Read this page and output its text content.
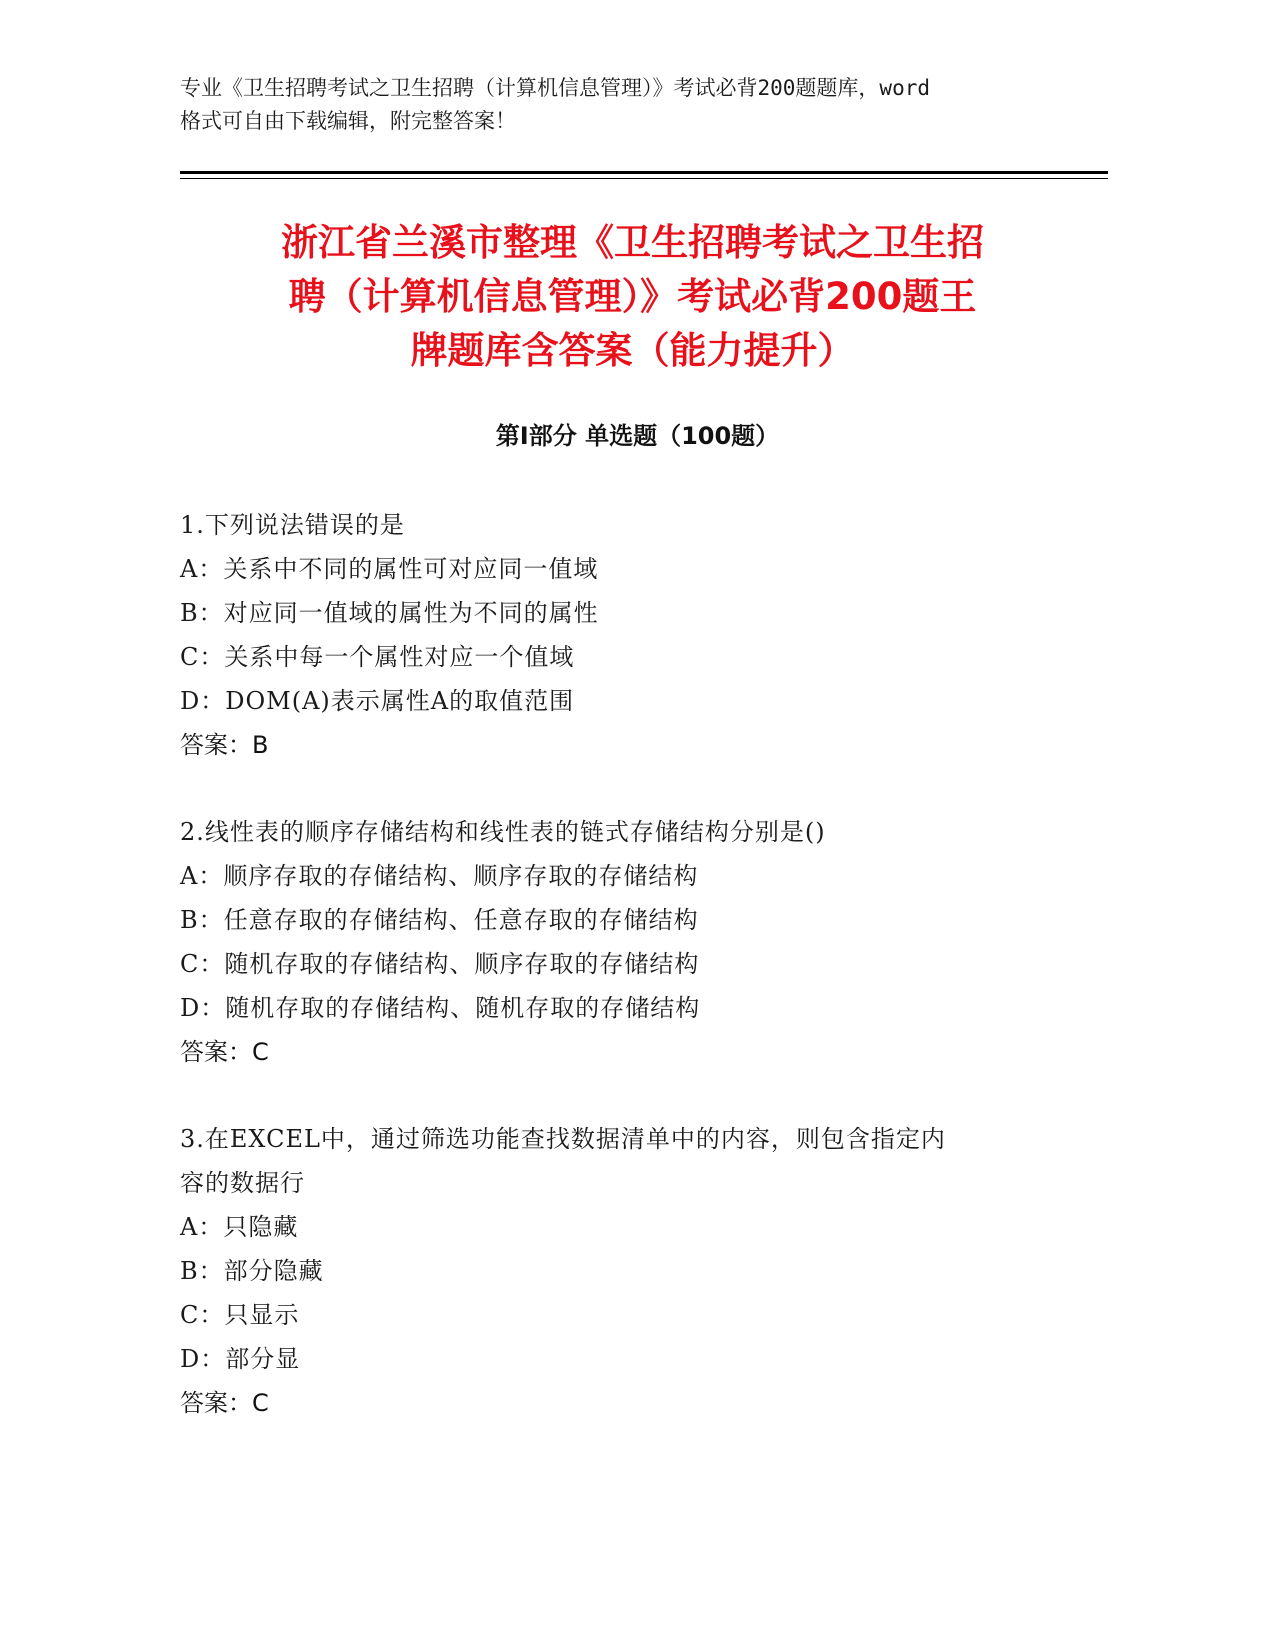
专业《卫生招聘考试之卫生招聘（计算机信息管理）》考试必背200题题库，word
格式可自由下载编辑，附完整答案！
浙江省兰溪市整理《卫生招聘考试之卫生招
聘（计算机信息管理）》考试必背200题王
牌题库含答案（能力提升）
第Ⅰ部分 单选题（100题）
1.下列说法错误的是
A：关系中不同的属性可对应同一值域
B：对应同一值域的属性为不同的属性
C：关系中每一个属性对应一个值域
D：DOM(A)表示属性A的取值范围
答案：B
2.线性表的顺序存储结构和线性表的链式存储结构分别是()
A：顺序存取的存储结构、顺序存取的存储结构
B：任意存取的存储结构、任意存取的存储结构
C：随机存取的存储结构、顺序存取的存储结构
D：随机存取的存储结构、随机存取的存储结构
答案：C
3.在EXCEL中，通过筛选功能查找数据清单中的内容，则包含指定内
容的数据行
A：只隐藏
B：部分隐藏
C：只显示
D：部分显
答案：C
